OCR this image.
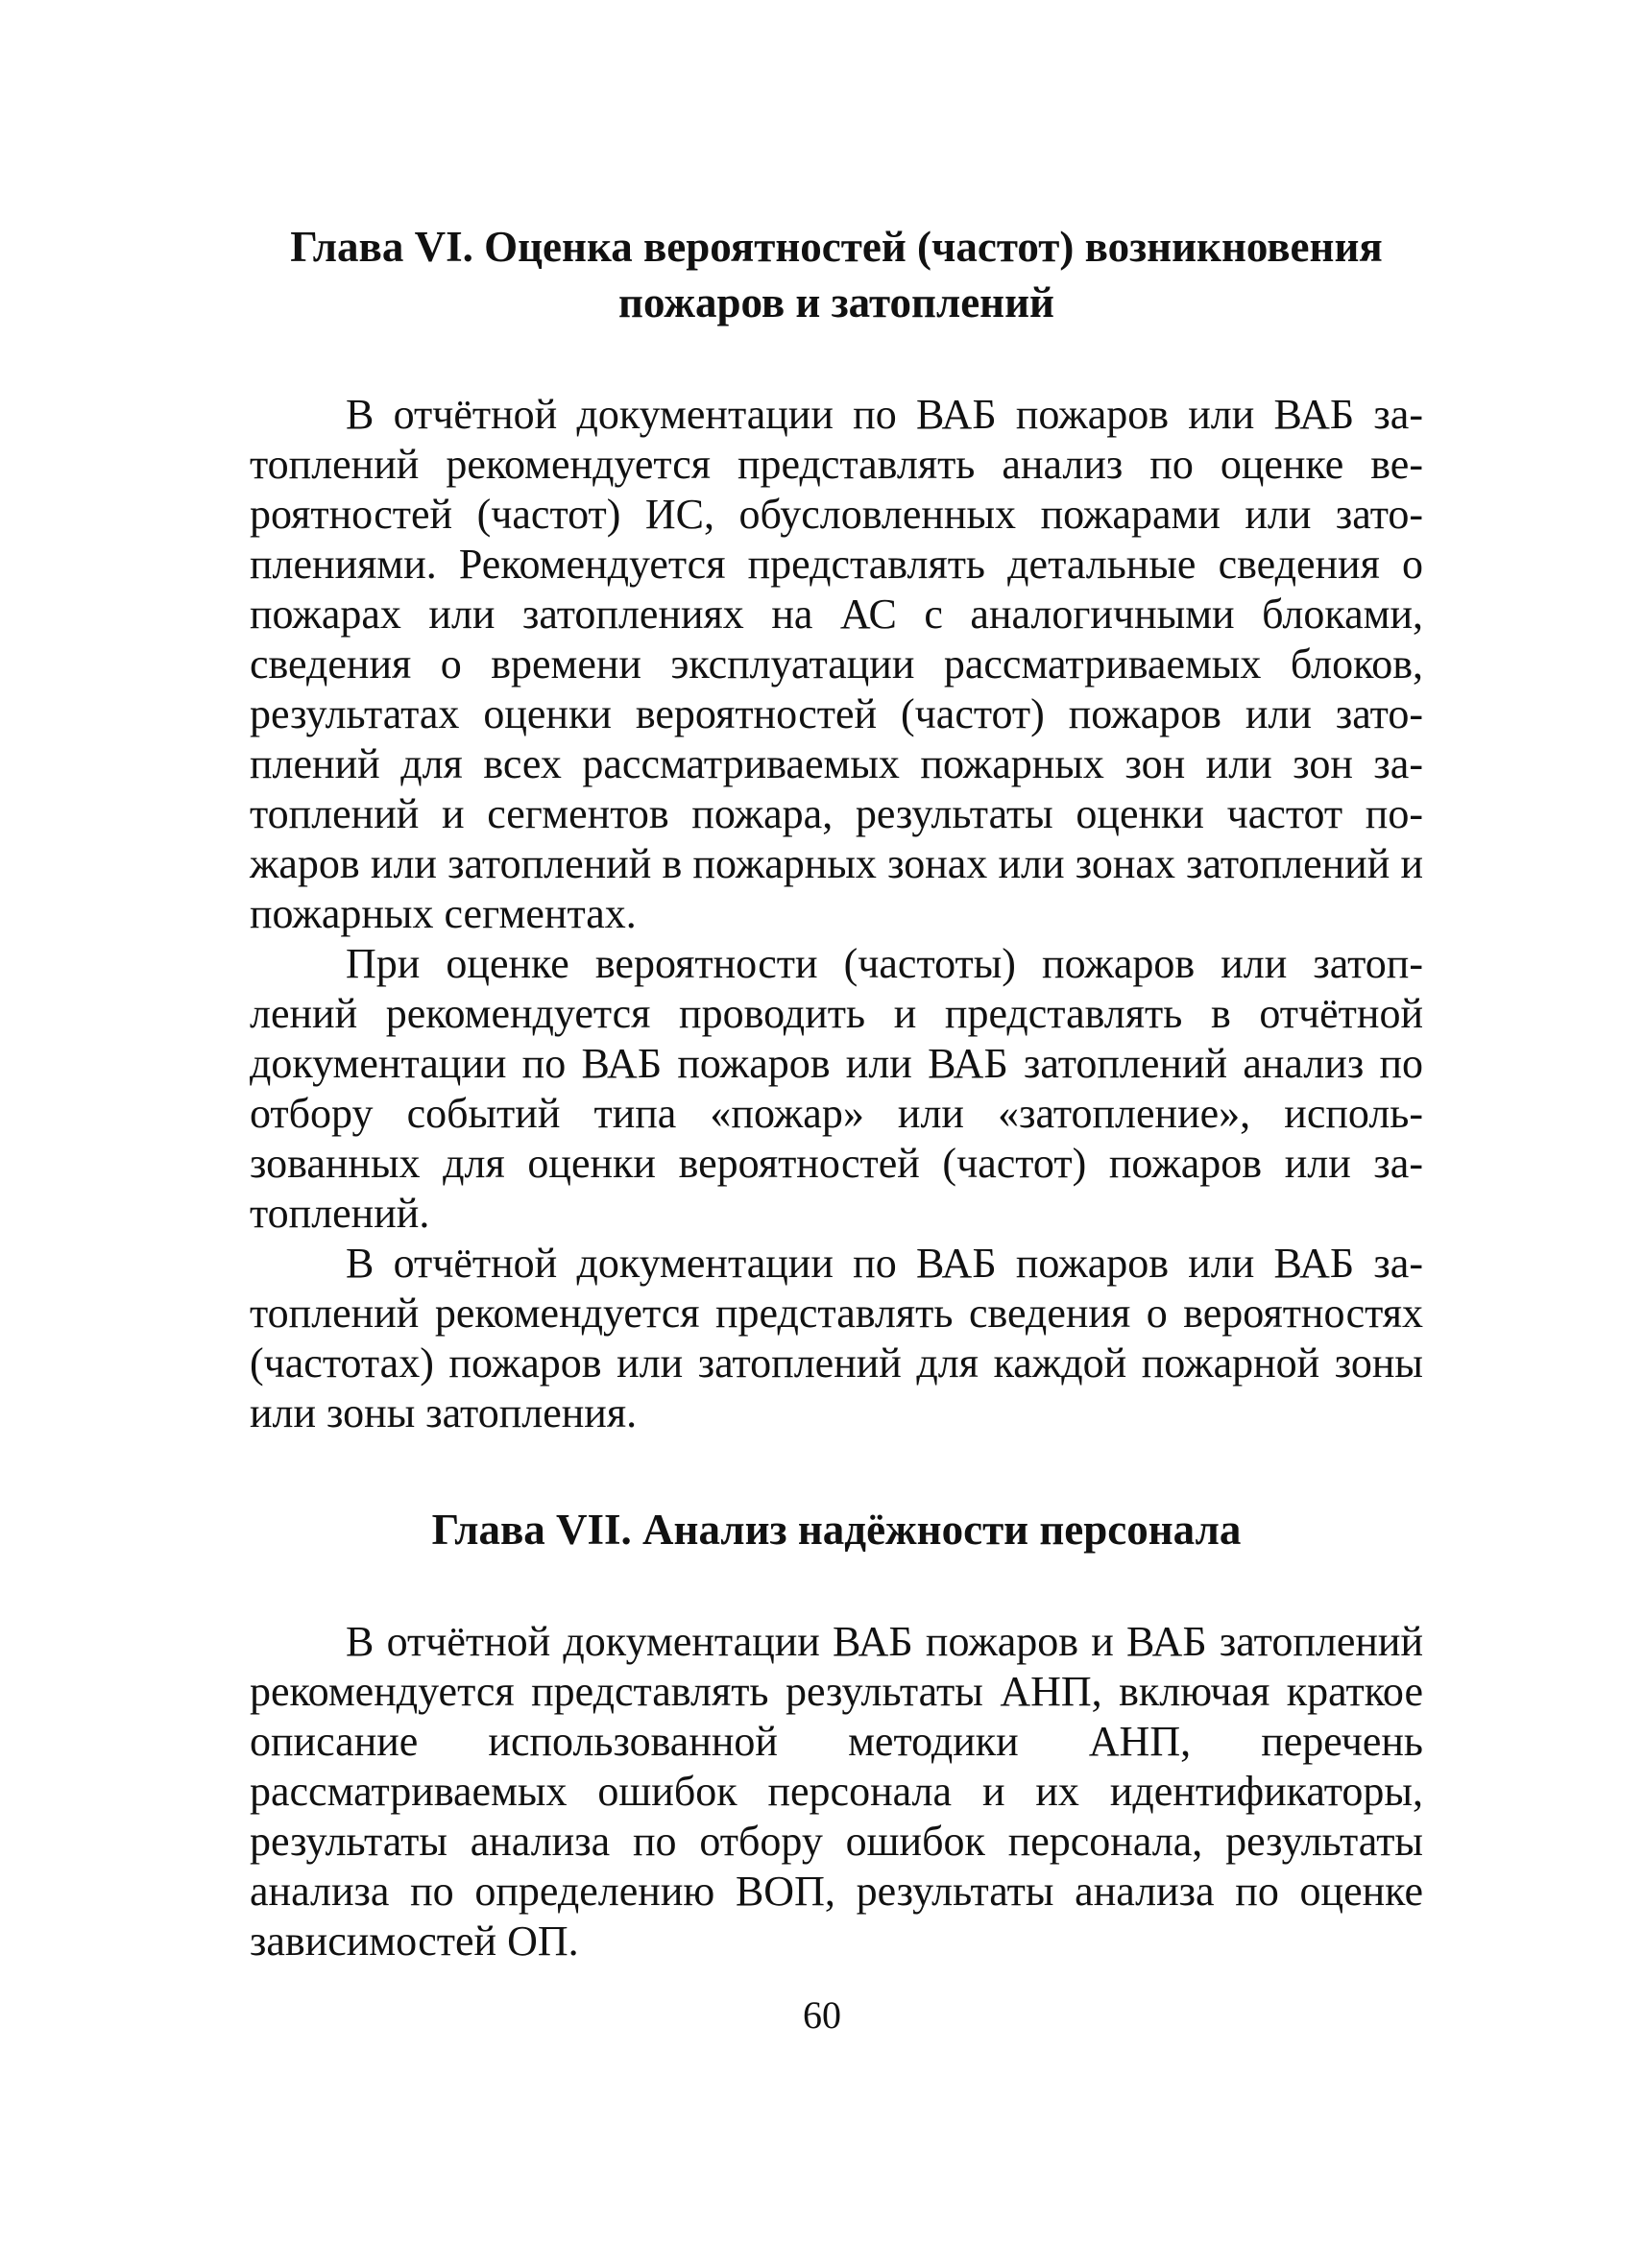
Глава VI. Оценка вероятностей (частот) возникновения
пожаров и затоплений

В отчётной документации по ВАБ пожаров или ВАБ затоплений рекомендуется представлять анализ по оценке вероятностей (частот) ИС, обусловленных пожарами или затоплениями. Рекомендуется представлять детальные сведения о пожарах или затоплениях на АС с аналогичными блоками, сведения о времени эксплуатации рассматриваемых блоков, результатах оценки вероятностей (частот) пожаров или затоплений для всех рассматриваемых пожарных зон или зон затоплений и сегментов пожара, результаты оценки частот пожаров или затоплений в пожарных зонах или зонах затоплений и пожарных сегментах.

При оценке вероятности (частоты) пожаров или затоплений рекомендуется проводить и представлять в отчётной документации по ВАБ пожаров или ВАБ затоплений анализ по отбору событий типа «пожар» или «затопление», использованных для оценки вероятностей (частот) пожаров или затоплений.

В отчётной документации по ВАБ пожаров или ВАБ затоплений рекомендуется представлять сведения о вероятностях (частотах) пожаров или затоплений для каждой пожарной зоны или зоны затопления.

Глава VII. Анализ надёжности персонала

В отчётной документации ВАБ пожаров и ВАБ затоплений рекомендуется представлять результаты АНП, включая краткое описание использованной методики АНП, перечень рассматриваемых ошибок персонала и их идентификаторы, результаты анализа по отбору ошибок персонала, результаты анализа по определению ВОП, результаты анализа по оценке зависимостей ОП.

60
